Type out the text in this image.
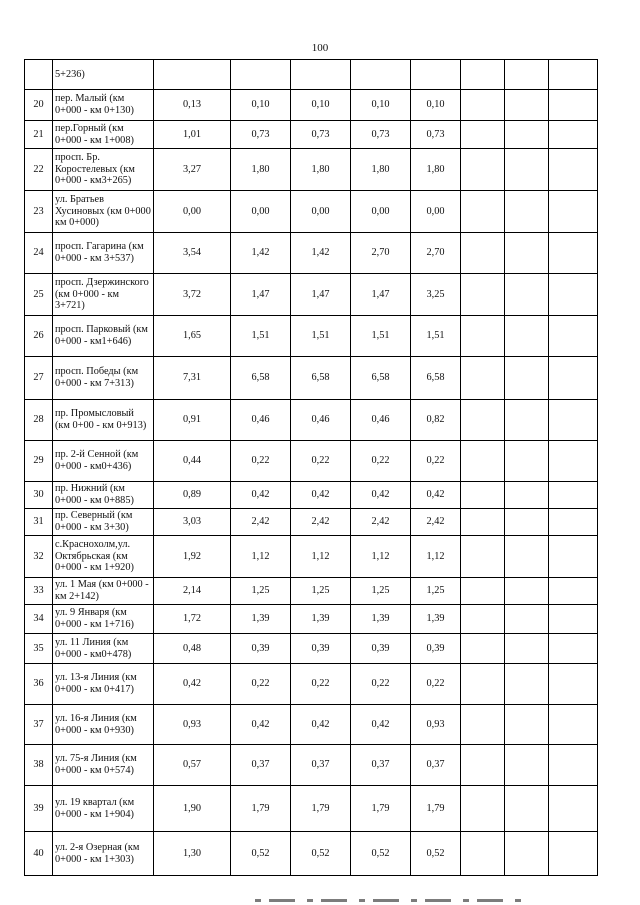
100
	5+236)								
20	пер. Малый (км 0+000 - км 0+130)	0,13	0,10	0,10	0,10	0,10			
21	пер.Горный (км 0+000 - км 1+008)	1,01	0,73	0,73	0,73	0,73			
22	просп. Бр. Коростелевых (км 0+000 - км3+265)	3,27	1,80	1,80	1,80	1,80			
23	ул. Братьев Хусиновых (км 0+000 км 0+000)	0,00	0,00	0,00	0,00	0,00			
24	просп. Гагарина (км 0+000 - км 3+537)	3,54	1,42	1,42	2,70	2,70			
25	просп. Дзержинского (км 0+000 - км 3+721)	3,72	1,47	1,47	1,47	3,25			
26	просп. Парковый (км 0+000 - км1+646)	1,65	1,51	1,51	1,51	1,51			
27	просп. Победы (км 0+000 - км 7+313)	7,31	6,58	6,58	6,58	6,58			
28	пр. Промысловый (км 0+00 - км 0+913)	0,91	0,46	0,46	0,46	0,82			
29	пр. 2-й Сенной (км 0+000 - км0+436)	0,44	0,22	0,22	0,22	0,22			
30	пр. Нижний (км 0+000 - км 0+885)	0,89	0,42	0,42	0,42	0,42			
31	пр. Северный (км 0+000 - км 3+30)	3,03	2,42	2,42	2,42	2,42			
32	с.Краснохолм,ул. Октябрьская (км 0+000 - км 1+920)	1,92	1,12	1,12	1,12	1,12			
33	ул. 1 Мая (км 0+000 - км 2+142)	2,14	1,25	1,25	1,25	1,25			
34	ул. 9 Января (км 0+000 - км 1+716)	1,72	1,39	1,39	1,39	1,39			
35	ул. 11 Линия (км 0+000 - км0+478)	0,48	0,39	0,39	0,39	0,39			
36	ул. 13-я Линия (км 0+000 - км 0+417)	0,42	0,22	0,22	0,22	0,22			
37	ул. 16-я Линия (км 0+000 - км 0+930)	0,93	0,42	0,42	0,42	0,93			
38	ул. 75-я Линия (км 0+000 - км 0+574)	0,57	0,37	0,37	0,37	0,37			
39	ул. 19 квартал (км 0+000 - км 1+904)	1,90	1,79	1,79	1,79	1,79			
40	ул. 2-я Озерная (км 0+000 - км 1+303)	1,30	0,52	0,52	0,52	0,52			
